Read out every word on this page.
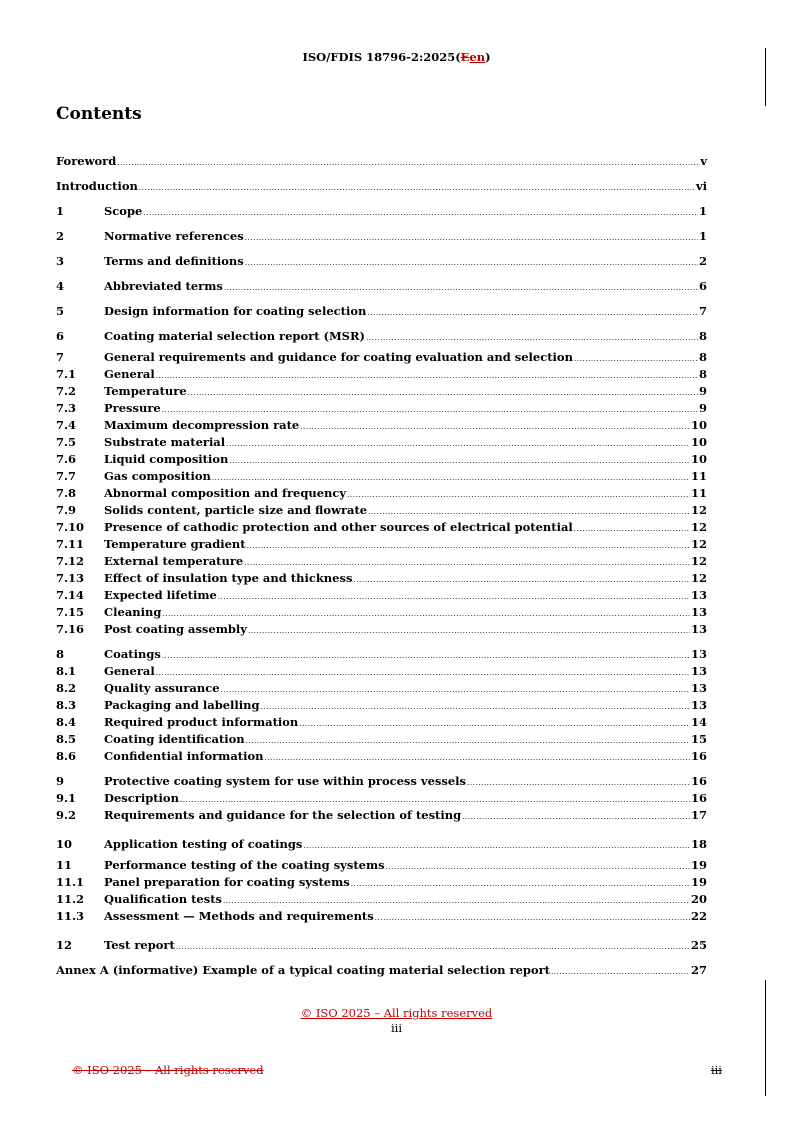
ISO/FDIS 18796-2:2025(Een)
Contents
Foreword .....	v
Introduction .....	vi
1	Scope .....	1
2	Normative references .....	1
3	Terms and definitions .....	2
4	Abbreviated terms .....	6
5	Design information for coating selection .....	7
6	Coating material selection report (MSR) .....	8
7	General requirements and guidance for coating evaluation and selection .....	8
7.1	General .....	8
7.2	Temperature .....	9
7.3	Pressure .....	9
7.4	Maximum decompression rate .....	10
7.5	Substrate material .....	10
7.6	Liquid composition .....	10
7.7	Gas composition .....	11
7.8	Abnormal composition and frequency .....	11
7.9	Solids content, particle size and flowrate .....	12
7.10	Presence of cathodic protection and other sources of electrical potential .....	12
7.11	Temperature gradient .....	12
7.12	External temperature .....	12
7.13	Effect of insulation type and thickness .....	12
7.14	Expected lifetime .....	13
7.15	Cleaning .....	13
7.16	Post coating assembly .....	13
8	Coatings .....	13
8.1	General .....	13
8.2	Quality assurance .....	13
8.3	Packaging and labelling .....	13
8.4	Required product information .....	14
8.5	Coating identification .....	15
8.6	Confidential information .....	16
9	Protective coating system for use within process vessels .....	16
9.1	Description .....	16
9.2	Requirements and guidance for the selection of testing .....	17
10	Application testing of coatings .....	18
11	Performance testing of the coating systems .....	19
11.1	Panel preparation for coating systems .....	19
11.2	Qualification tests .....	20
11.3	Assessment — Methods and requirements .....	22
12	Test report .....	25
Annex A (informative) Example of a typical coating material selection report .....	27
© ISO 2025 – All rights reserved
iii
© ISO 2025 – All rights reserved	iii
